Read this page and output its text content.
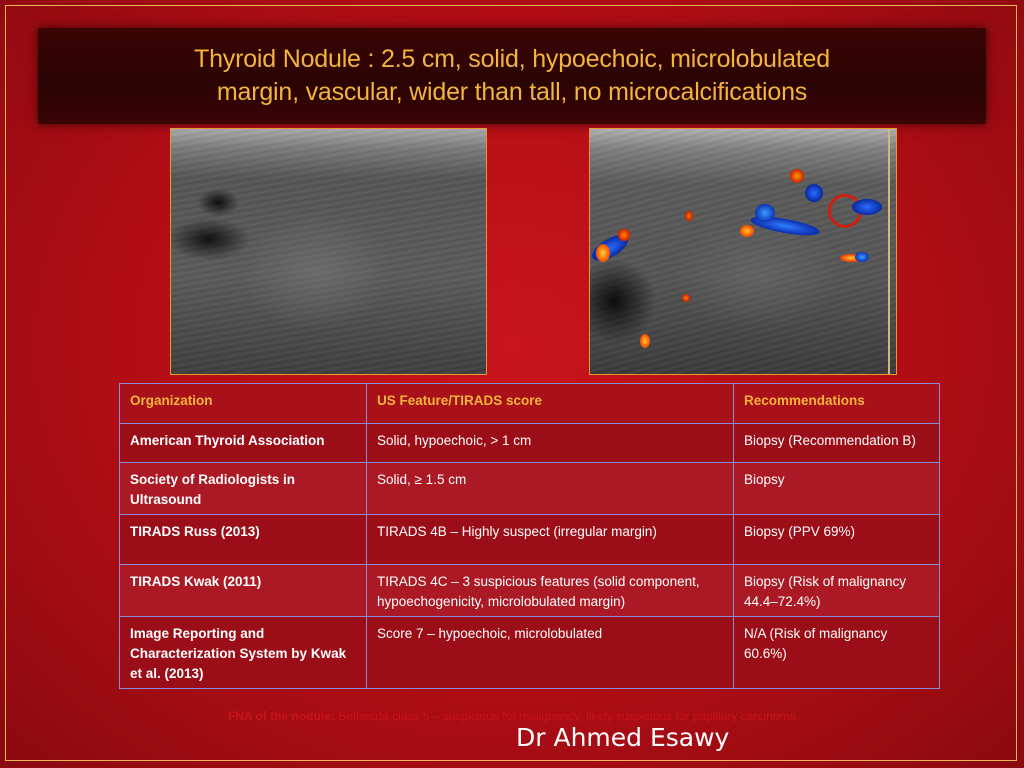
Thyroid Nodule : 2.5 cm, solid, hypoechoic, microlobulated
margin, vascular, wider than tall, no microcalcifications
Organization	US Feature/TIRADS score	Recommendations
American Thyroid Association	Solid, hypoechoic, > 1 cm	Biopsy (Recommendation B)
Society of Radiologists in Ultrasound	Solid, ≥ 1.5 cm	Biopsy
TIRADS Russ (2013)	TIRADS 4B – Highly suspect (irregular margin)	Biopsy (PPV 69%)
TIRADS Kwak (2011)	TIRADS 4C – 3 suspicious features (solid component, hypoechogenicity, microlobulated margin)	Biopsy (Risk of malignancy 44.4–72.4%)
Image Reporting and Characterization System by Kwak et al. (2013)	Score 7 – hypoechoic, microlobulated	N/A (Risk of malignancy 60.6%)
FNA of the nodule: Bethesda class 5 – suspicious for malignancy, likely suspicious for papillary carcinoma
Dr Ahmed Esawy
